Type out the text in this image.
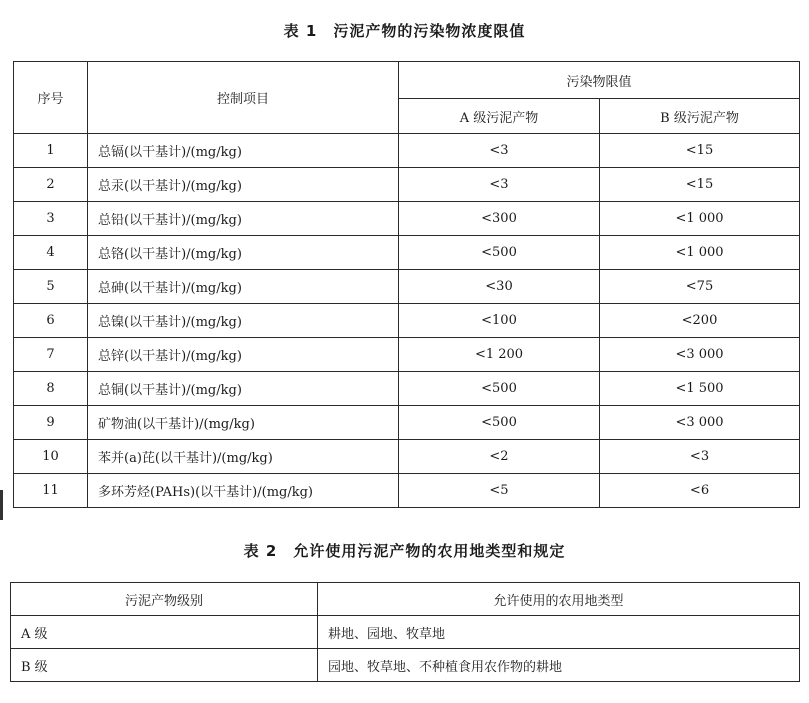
表 1　污泥产物的污染物浓度限值
序号	控制项目	污染物限值	
		A 级污泥产物	B 级污泥产物
1	总镉(以干基计)/(mg/kg)	<3	<15
2	总汞(以干基计)/(mg/kg)	<3	<15
3	总铅(以干基计)/(mg/kg)	<300	<1 000
4	总铬(以干基计)/(mg/kg)	<500	<1 000
5	总砷(以干基计)/(mg/kg)	<30	<75
6	总镍(以干基计)/(mg/kg)	<100	<200
7	总锌(以干基计)/(mg/kg)	<1 200	<3 000
8	总铜(以干基计)/(mg/kg)	<500	<1 500
9	矿物油(以干基计)/(mg/kg)	<500	<3 000
10	苯并(a)芘(以干基计)/(mg/kg)	<2	<3
11	多环芳烃(PAHs)(以干基计)/(mg/kg)	<5	<6
表 2　允许使用污泥产物的农用地类型和规定
污泥产物级别	允许使用的农用地类型
A 级	耕地、园地、牧草地
B 级	园地、牧草地、不种植食用农作物的耕地
